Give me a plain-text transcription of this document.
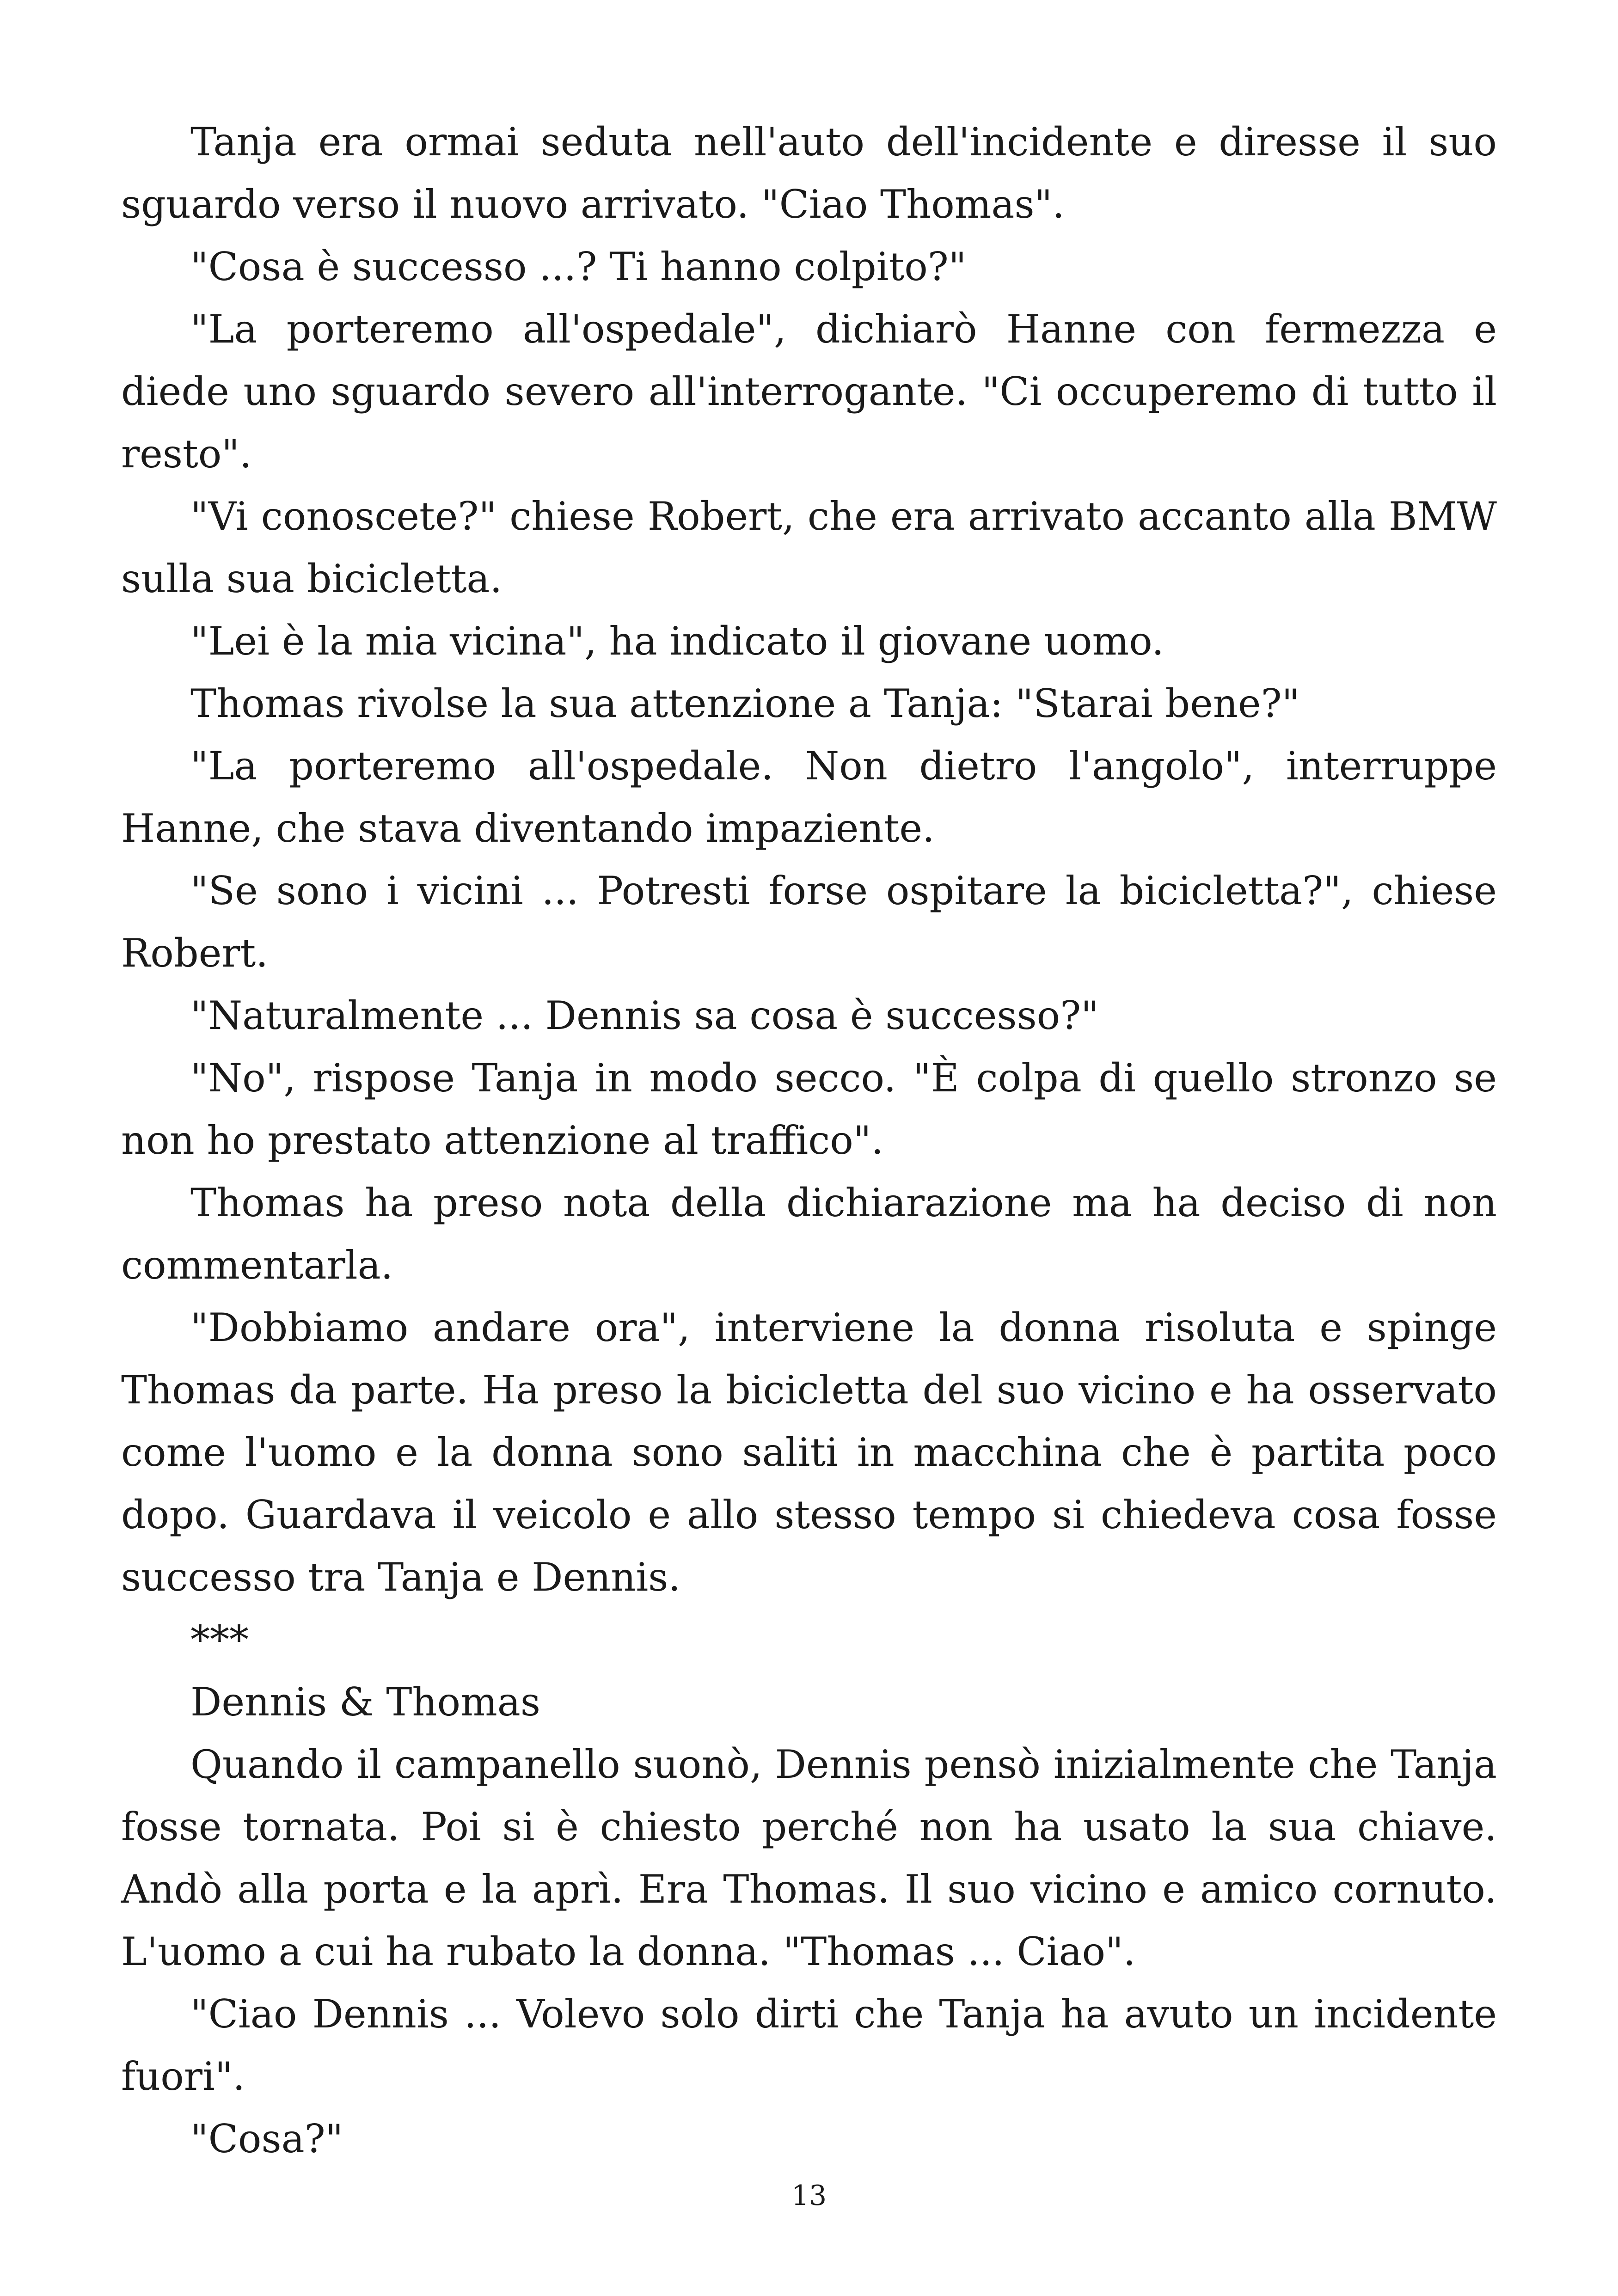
Tanja era ormai seduta nell'auto dell'incidente e diresse il suo sguardo verso il nuovo arrivato. "Ciao Thomas".

"Cosa è successo ...? Ti hanno colpito?"

"La porteremo all'ospedale", dichiarò Hanne con fermezza e diede uno sguardo severo all'interrogante. "Ci occuperemo di tutto il resto".

"Vi conoscete?" chiese Robert, che era arrivato accanto alla BMW sulla sua bicicletta.

"Lei è la mia vicina", ha indicato il giovane uomo.

Thomas rivolse la sua attenzione a Tanja: "Starai bene?"

"La porteremo all'ospedale. Non dietro l'angolo", interruppe Hanne, che stava diventando impaziente.

"Se sono i vicini ... Potresti forse ospitare la bicicletta?", chiese Robert.

"Naturalmente ... Dennis sa cosa è successo?"

"No", rispose Tanja in modo secco. "È colpa di quello stronzo se non ho prestato attenzione al traffico".

Thomas ha preso nota della dichiarazione ma ha deciso di non commentarla.

"Dobbiamo andare ora", interviene la donna risoluta e spinge Thomas da parte. Ha preso la bicicletta del suo vicino e ha osservato come l'uomo e la donna sono saliti in macchina che è partita poco dopo. Guardava il veicolo e allo stesso tempo si chiedeva cosa fosse successo tra Tanja e Dennis.

***

Dennis & Thomas

Quando il campanello suonò, Dennis pensò inizialmente che Tanja fosse tornata. Poi si è chiesto perché non ha usato la sua chiave. Andò alla porta e la aprì. Era Thomas. Il suo vicino e amico cornuto. L'uomo a cui ha rubato la donna. "Thomas ... Ciao".

"Ciao Dennis ... Volevo solo dirti che Tanja ha avuto un incidente fuori".

"Cosa?"

13
